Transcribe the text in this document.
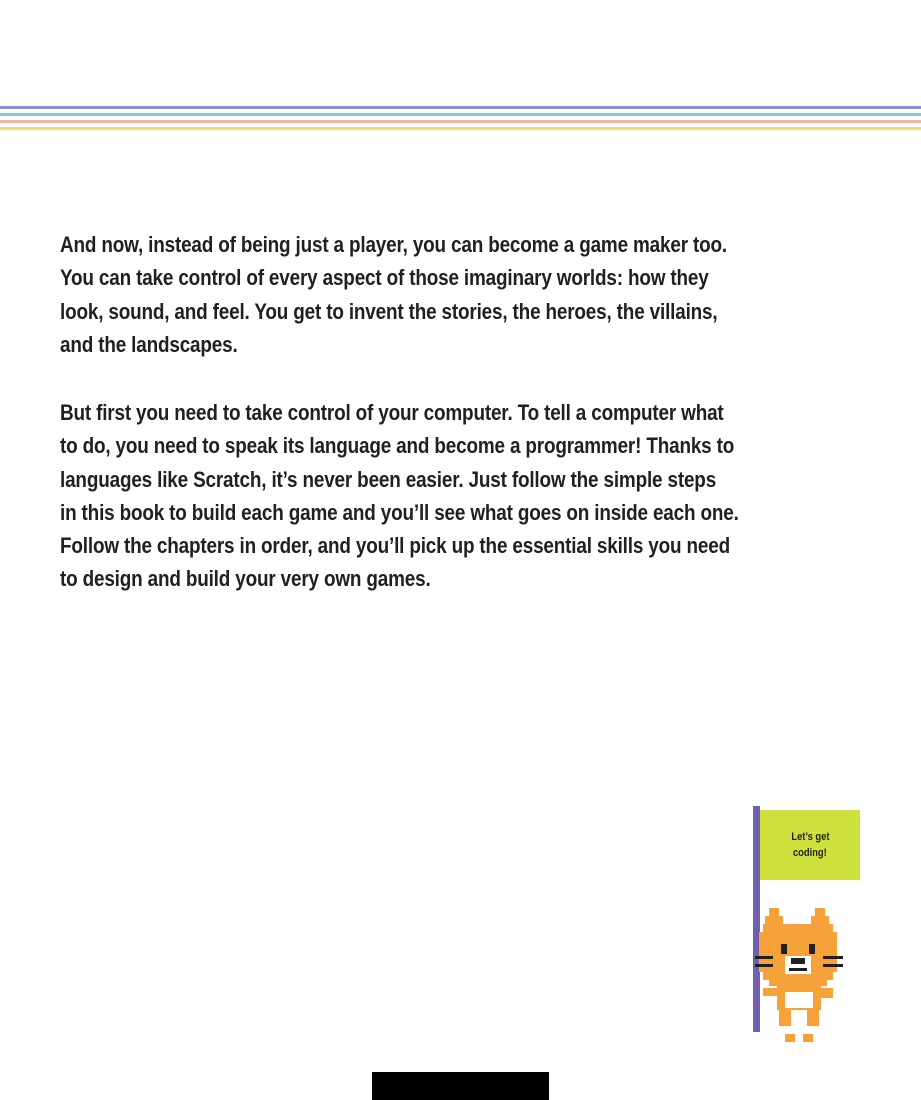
And now, instead of being just a player, you can become a game maker too.
You can take control of every aspect of those imaginary worlds: how they
look, sound, and feel. You get to invent the stories, the heroes, the villains,
and the landscapes.

But first you need to take control of your computer. To tell a computer what
to do, you need to speak its language and become a programmer! Thanks to
languages like Scratch, it’s never been easier. Just follow the simple steps
in this book to build each game and you’ll see what goes on inside each one.
Follow the chapters in order, and you’ll pick up the essential skills you need
to design and build your very own games.

Let’s get
coding!
